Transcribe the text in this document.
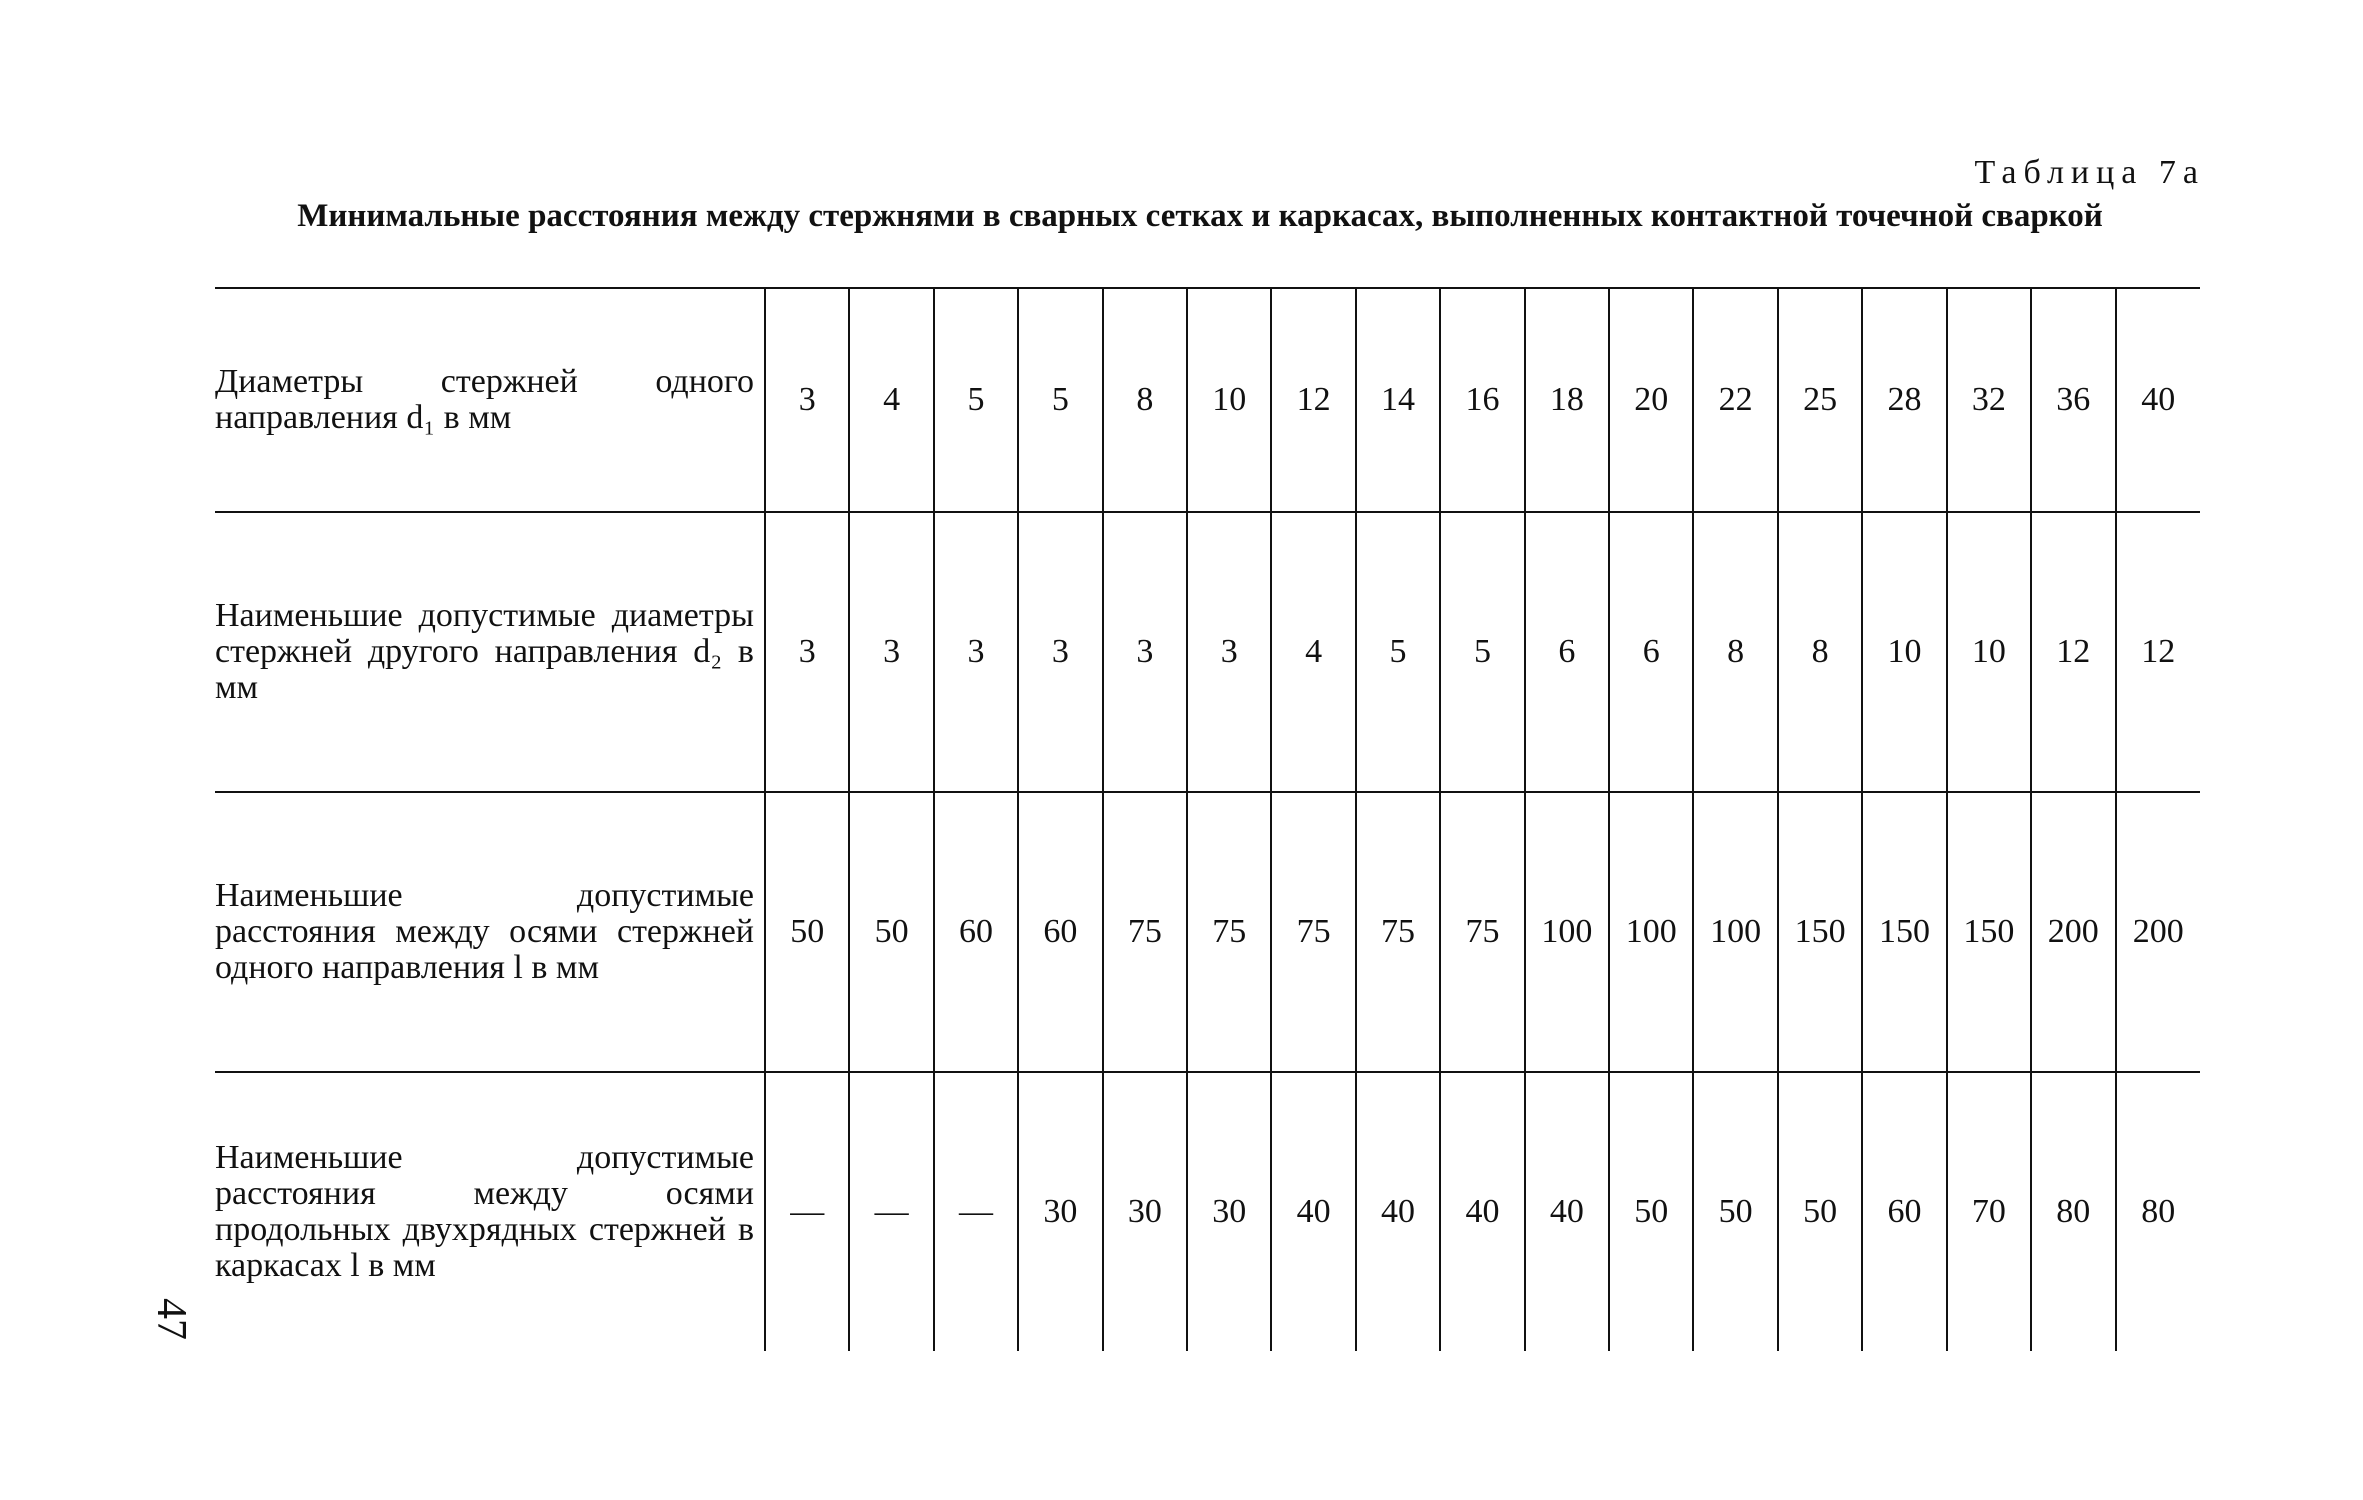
Таблица 7а
Минимальные расстояния между стержнями в сварных сетках и каркасах, выполненных контактной точечной сваркой
47
Диаметры стержней одного направления d₁ в мм	3	4	5	5	8	10	12	14	16	18	20	22	25	28	32	36	40
Наименьшие допустимые диаметры стержней другого направления d₂ в мм	3	3	3	3	3	3	4	5	5	6	6	8	8	10	10	12	12
Наименьшие допустимые расстояния между осями стержней одного направления l в мм	50	50	60	60	75	75	75	75	75	100	100	100	150	150	150	200	200
Наименьшие допустимые расстояния между осями продольных двухрядных стержней в каркасах l в мм	—	—	—	30	30	30	40	40	40	40	50	50	50	60	70	80	80
